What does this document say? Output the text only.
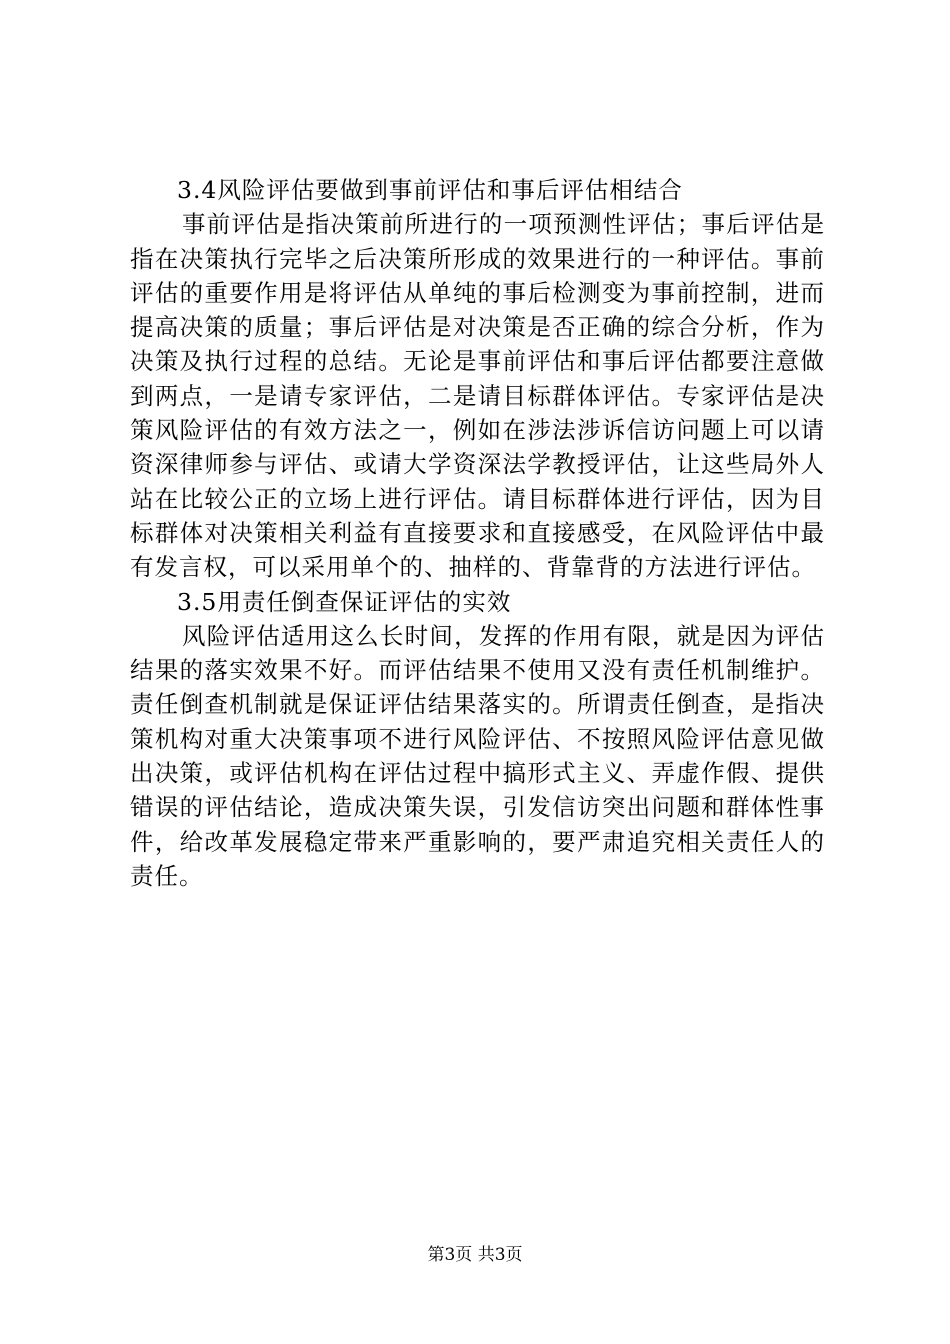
3.4风险评估要做到事前评估和事后评估相结合

事前评估是指决策前所进行的一项预测性评估；事后评估是指在决策执行完毕之后决策所形成的效果进行的一种评估。事前评估的重要作用是将评估从单纯的事后检测变为事前控制，进而提高决策的质量；事后评估是对决策是否正确的综合分析，作为决策及执行过程的总结。无论是事前评估和事后评估都要注意做到两点，一是请专家评估，二是请目标群体评估。专家评估是决策风险评估的有效方法之一，例如在涉法涉诉信访问题上可以请资深律师参与评估、或请大学资深法学教授评估，让这些局外人站在比较公正的立场上进行评估。请目标群体进行评估，因为目标群体对决策相关利益有直接要求和直接感受，在风险评估中最有发言权，可以采用单个的、抽样的、背靠背的方法进行评估。

3.5用责任倒查保证评估的实效

风险评估适用这么长时间，发挥的作用有限，就是因为评估结果的落实效果不好。而评估结果不使用又没有责任机制维护。责任倒查机制就是保证评估结果落实的。所谓责任倒查，是指决策机构对重大决策事项不进行风险评估、不按照风险评估意见做出决策，或评估机构在评估过程中搞形式主义、弄虚作假、提供错误的评估结论，造成决策失误，引发信访突出问题和群体性事件，给改革发展稳定带来严重影响的，要严肃追究相关责任人的责任。

第3页 共3页
